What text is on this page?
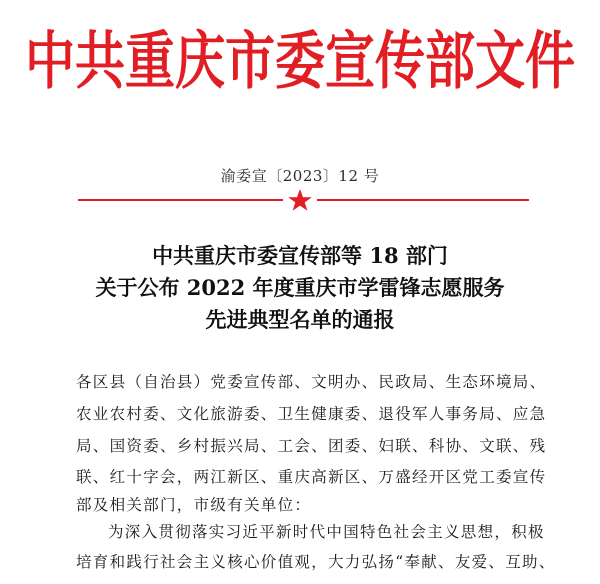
中共重庆市委宣传部文件
渝委宣〔2023〕12 号
中共重庆市委宣传部等 18 部门
关于公布 2022 年度重庆市学雷锋志愿服务
先进典型名单的通报
各区县（自治县）党委宣传部、文明办、民政局、生态环境局、
农业农村委、文化旅游委、卫生健康委、退役军人事务局、应急
局、国资委、乡村振兴局、工会、团委、妇联、科协、文联、残
联、红十字会，两江新区、重庆高新区、万盛经开区党工委宣传
部及相关部门，市级有关单位：
为深入贯彻落实习近平新时代中国特色社会主义思想，积极
培育和践行社会主义核心价值观，大力弘扬“奉献、友爱、互助、
